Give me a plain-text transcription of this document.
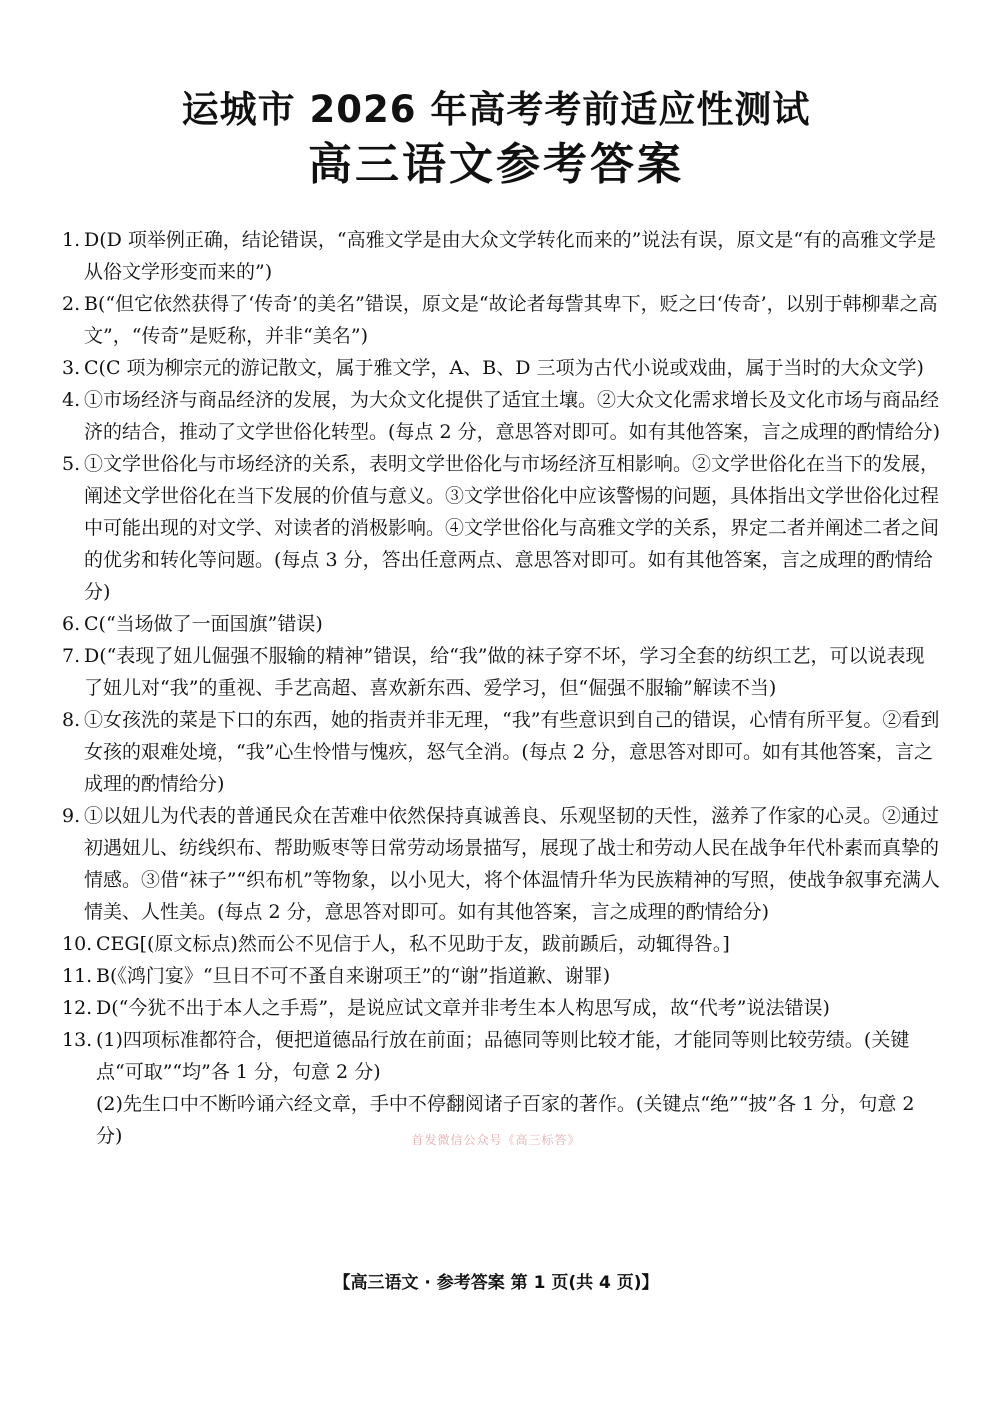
运城市 2026 年高考考前适应性测试
高三语文参考答案
1. D(D 项举例正确，结论错误，“高雅文学是由大众文学转化而来的”说法有误，原文是“有的高雅文学是从俗文学形变而来的”)
2. B(“但它依然获得了‘传奇’的美名”错误，原文是“故论者每訾其卑下，贬之曰‘传奇’，以别于韩柳辈之高文”，“传奇”是贬称，并非“美名”)
3. C(C 项为柳宗元的游记散文，属于雅文学，A、B、D 三项为古代小说或戏曲，属于当时的大众文学)
4. ①市场经济与商品经济的发展，为大众文化提供了适宜土壤。②大众文化需求增长及文化市场与商品经济的结合，推动了文学世俗化转型。(每点 2 分，意思答对即可。如有其他答案，言之成理的酌情给分)
5. ①文学世俗化与市场经济的关系，表明文学世俗化与市场经济互相影响。②文学世俗化在当下的发展，阐述文学世俗化在当下发展的价值与意义。③文学世俗化中应该警惕的问题，具体指出文学世俗化过程中可能出现的对文学、对读者的消极影响。④文学世俗化与高雅文学的关系，界定二者并阐述二者之间的优劣和转化等问题。(每点 3 分，答出任意两点、意思答对即可。如有其他答案，言之成理的酌情给分)
6. C(“当场做了一面国旗”错误)
7. D(“表现了妞儿倔强不服输的精神”错误，给“我”做的袜子穿不坏，学习全套的纺织工艺，可以说表现了妞儿对“我”的重视、手艺高超、喜欢新东西、爱学习，但“倔强不服输”解读不当)
8. ①女孩洗的菜是下口的东西，她的指责并非无理，“我”有些意识到自己的错误，心情有所平复。②看到女孩的艰难处境，“我”心生怜惜与愧疚，怒气全消。(每点 2 分，意思答对即可。如有其他答案，言之成理的酌情给分)
9. ①以妞儿为代表的普通民众在苦难中依然保持真诚善良、乐观坚韧的天性，滋养了作家的心灵。②通过初遇妞儿、纺线织布、帮助贩枣等日常劳动场景描写，展现了战士和劳动人民在战争年代朴素而真挚的情感。③借“袜子”“织布机”等物象，以小见大，将个体温情升华为民族精神的写照，使战争叙事充满人情美、人性美。(每点 2 分，意思答对即可。如有其他答案，言之成理的酌情给分)
10. CEG[(原文标点)然而公不见信于人，私不见助于友，跋前踬后，动辄得咎。]
11. B(《鸿门宴》“旦日不可不蚤自来谢项王”的“谢”指道歉、谢罪)
12. D(“今犹不出于本人之手焉”，是说应试文章并非考生本人构思写成，故“代考”说法错误)
13. (1)四项标准都符合，便把道德品行放在前面；品德同等则比较才能，才能同等则比较劳绩。(关键点“可取”“均”各 1 分，句意 2 分)
(2)先生口中不断吟诵六经文章，手中不停翻阅诸子百家的著作。(关键点“绝”“披”各 1 分，句意 2 分)	首发微信公众号《高三标答》
【高三语文 · 参考答案 第 1 页(共 4 页)】
